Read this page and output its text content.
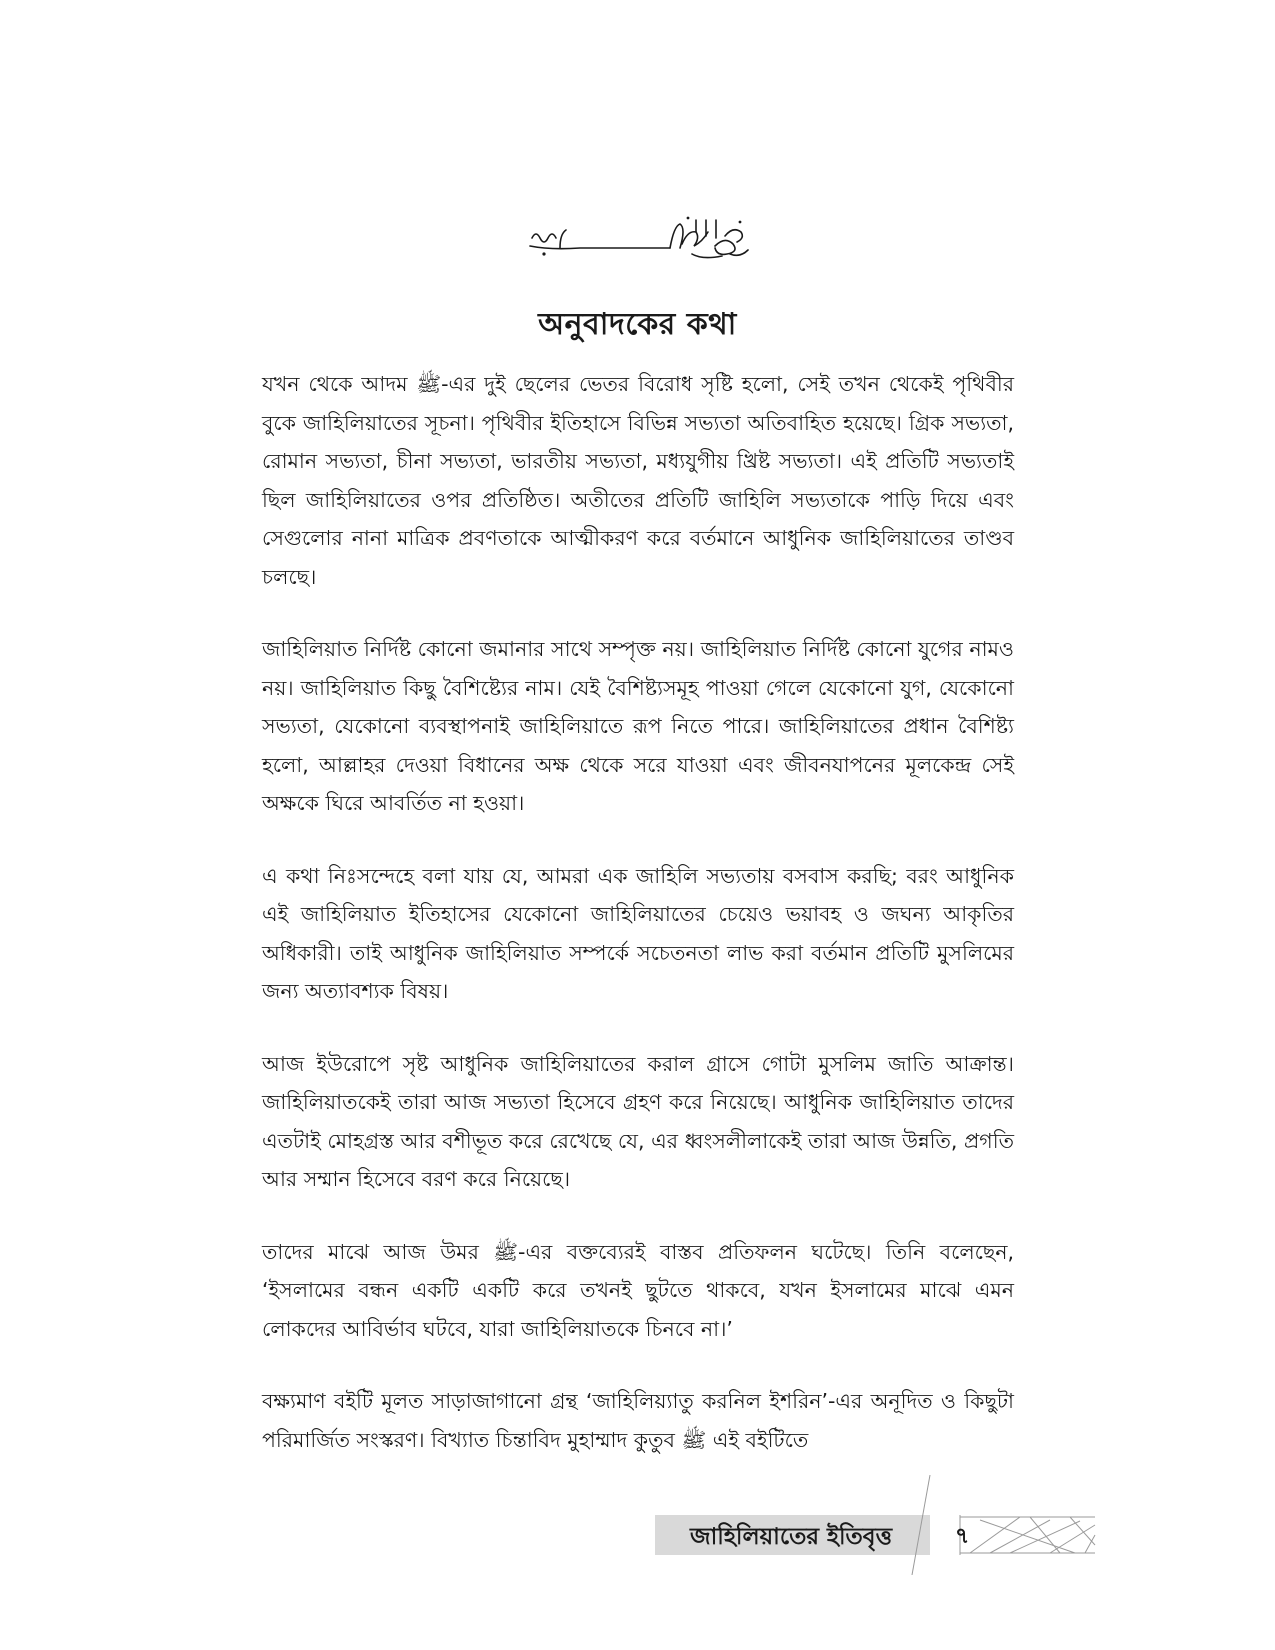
অনুবাদকের কথা

যখন থেকে আদম ﷺ-এর দুই ছেলের ভেতর বিরোধ সৃষ্টি হলো, সেই তখন থেকেই পৃথিবীর বুকে জাহিলিয়াতের সূচনা। পৃথিবীর ইতিহাসে বিভিন্ন সভ্যতা অতিবাহিত হয়েছে। গ্রিক সভ্যতা, রোমান সভ্যতা, চীনা সভ্যতা, ভারতীয় সভ্যতা, মধ্যযুগীয় খ্রিষ্ট সভ্যতা। এই প্রতিটি সভ্যতাই ছিল জাহিলিয়াতের ওপর প্রতিষ্ঠিত। অতীতের প্রতিটি জাহিলি সভ্যতাকে পাড়ি দিয়ে এবং সেগুলোর নানা মাত্রিক প্রবণতাকে আত্মীকরণ করে বর্তমানে আধুনিক জাহিলিয়াতের তাণ্ডব চলছে।

জাহিলিয়াত নির্দিষ্ট কোনো জমানার সাথে সম্পৃক্ত নয়। জাহিলিয়াত নির্দিষ্ট কোনো যুগের নামও নয়। জাহিলিয়াত কিছু বৈশিষ্ট্যের নাম। যেই বৈশিষ্ট্যসমূহ পাওয়া গেলে যেকোনো যুগ, যেকোনো সভ্যতা, যেকোনো ব্যবস্থাপনাই জাহিলিয়াতে রূপ নিতে পারে। জাহিলিয়াতের প্রধান বৈশিষ্ট্য হলো, আল্লাহর দেওয়া বিধানের অক্ষ থেকে সরে যাওয়া এবং জীবনযাপনের মূলকেন্দ্র সেই অক্ষকে ঘিরে আবর্তিত না হওয়া।

এ কথা নিঃসন্দেহে বলা যায় যে, আমরা এক জাহিলি সভ্যতায় বসবাস করছি; বরং আধুনিক এই জাহিলিয়াত ইতিহাসের যেকোনো জাহিলিয়াতের চেয়েও ভয়াবহ ও জঘন্য আকৃতির অধিকারী। তাই আধুনিক জাহিলিয়াত সম্পর্কে সচেতনতা লাভ করা বর্তমান প্রতিটি মুসলিমের জন্য অত্যাবশ্যক বিষয়।

আজ ইউরোপে সৃষ্ট আধুনিক জাহিলিয়াতের করাল গ্রাসে গোটা মুসলিম জাতি আক্রান্ত। জাহিলিয়াতকেই তারা আজ সভ্যতা হিসেবে গ্রহণ করে নিয়েছে। আধুনিক জাহিলিয়াত তাদের এতটাই মোহগ্রস্ত আর বশীভূত করে রেখেছে যে, এর ধ্বংসলীলাকেই তারা আজ উন্নতি, প্রগতি আর সম্মান হিসেবে বরণ করে নিয়েছে।

তাদের মাঝে আজ উমর ﷺ-এর বক্তব্যেরই বাস্তব প্রতিফলন ঘটেছে। তিনি বলেছেন, ‘ইসলামের বন্ধন একটি একটি করে তখনই ছুটতে থাকবে, যখন ইসলামের মাঝে এমন লোকদের আবির্ভাব ঘটবে, যারা জাহিলিয়াতকে চিনবে না।’

বক্ষ্যমাণ বইটি মূলত সাড়াজাগানো গ্রন্থ ‘জাহিলিয়্যাতু করনিল ইশরিন’-এর অনূদিত ও কিছুটা পরিমার্জিত সংস্করণ। বিখ্যাত চিন্তাবিদ মুহাম্মাদ কুতুব ﷺ এই বইটিতে

জাহিলিয়াতের ইতিবৃত্ত	৭
